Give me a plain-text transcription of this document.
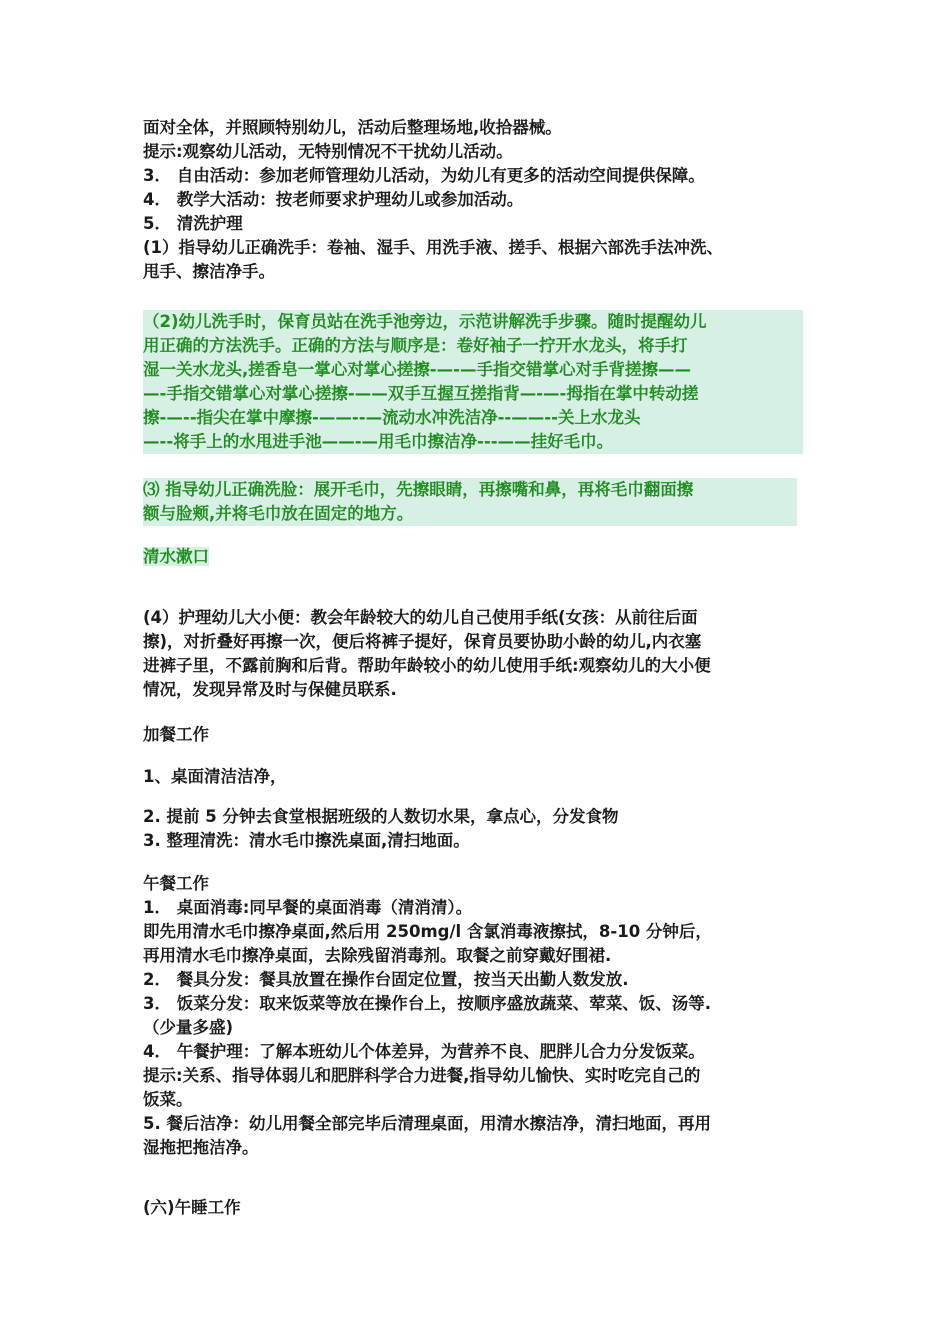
面对全体，并照顾特别幼儿，活动后整理场地,收拾器械。

提示:观察幼儿活动，无特别情况不干扰幼儿活动。

3． 自由活动：参加老师管理幼儿活动，为幼儿有更多的活动空间提供保障。

4． 教学大活动：按老师要求护理幼儿或参加活动。

5． 清洗护理

(1）指导幼儿正确洗手：卷袖、湿手、用洗手液、搓手、根据六部洗手法冲洗、

甩手、擦洁净手。

（2)幼儿洗手时，保育员站在洗手池旁边，示范讲解洗手步骤。随时提醒幼儿

用正确的方法洗手。正确的方法与顺序是：卷好袖子一拧开水龙头，将手打

湿一关水龙头,搓香皂一掌心对掌心搓擦-—-—手指交错掌心对手背搓擦——

—-手指交错掌心对掌心搓擦-——双手互握互搓指背—-—-拇指在掌中转动搓

擦-—--指尖在掌中摩擦-——--—流动水冲洗洁净--——--关上水龙头

—--将手上的水甩进手池——-—用毛巾擦洁净---——挂好毛巾。

⑶ 指导幼儿正确洗脸：展开毛巾，先擦眼睛，再擦嘴和鼻，再将毛巾翻面擦

额与脸颊,并将毛巾放在固定的地方。

清水漱口

(4）护理幼儿大小便：教会年龄较大的幼儿自己使用手纸(女孩：从前往后面

擦)，对折叠好再擦一次，便后将裤子提好，保育员要协助小龄的幼儿,内衣塞

进裤子里，不露前胸和后背。帮助年龄较小的幼儿使用手纸:观察幼儿的大小便

情况，发现异常及时与保健员联系.

加餐工作

1、桌面清洁洁净，

2. 提前 5 分钟去食堂根据班级的人数切水果，拿点心，分发食物

3. 整理清洗：清水毛巾擦洗桌面,清扫地面。

午餐工作

1． 桌面消毒:同早餐的桌面消毒（清消清）。

即先用清水毛巾擦净桌面,然后用 250mg/l 含氯消毒液擦拭，8-10 分钟后，

再用清水毛巾擦净桌面，去除残留消毒剂。取餐之前穿戴好围裙.

2． 餐具分发：餐具放置在操作台固定位置，按当天出勤人数发放.

3． 饭菜分发：取来饭菜等放在操作台上，按顺序盛放蔬菜、荤菜、饭、汤等.

（少量多盛)

4． 午餐护理：了解本班幼儿个体差异，为营养不良、肥胖儿合力分发饭菜。

提示:关系、指导体弱儿和肥胖科学合力进餐,指导幼儿愉快、实时吃完自己的

饭菜。

5. 餐后洁净：幼儿用餐全部完毕后清理桌面，用清水擦洁净，清扫地面，再用

湿拖把拖洁净。

(六)午睡工作
